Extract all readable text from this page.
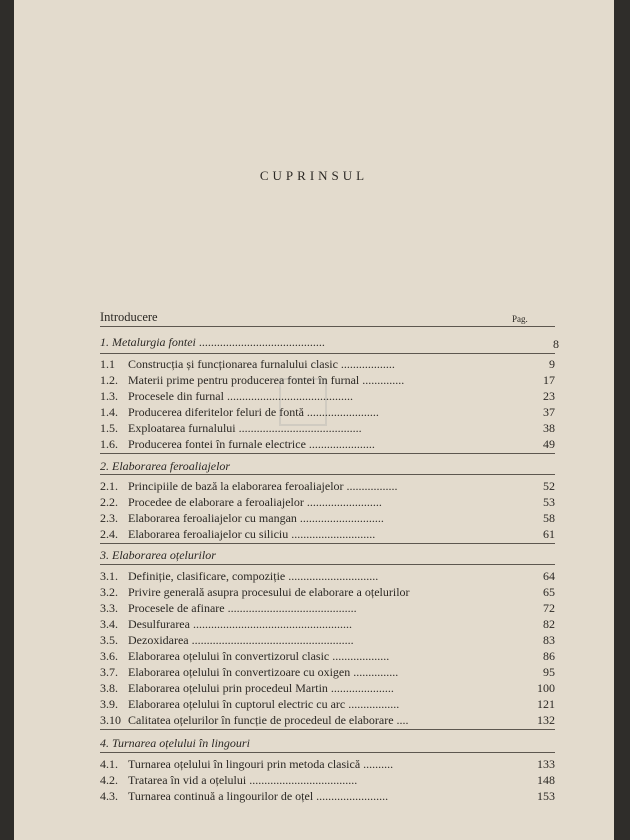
CUPRINSUL
Introducere	Pag.
1. Metalurgia fontei ..........................................	8
1.1 Construcția și funcționarea furnalului clasic ..................	9
1.2. Materii prime pentru producerea fontei în furnal ..............	17
1.3. Procesele din furnal ..........................................	23
1.4. Producerea diferitelor feluri de fontă ........................	37
1.5. Exploatarea furnalului .........................................	38
1.6. Producerea fontei în furnale electrice ......................	49
2. Elaborarea feroaliajelor
2.1. Principiile de bază la elaborarea feroaliajelor .................	52
2.2. Procedee de elaborare a feroaliajelor .........................	53
2.3. Elaborarea feroaliajelor cu mangan ............................	58
2.4. Elaborarea feroaliajelor cu siliciu ............................	61
3. Elaborarea oțelurilor
3.1. Definiție, clasificare, compoziție ..............................	64
3.2. Privire generală asupra procesului de elaborare a oțelurilor	65
3.3. Procesele de afinare ...........................................	72
3.4. Desulfurarea .....................................................	82
3.5. Dezoxidarea ......................................................	83
3.6. Elaborarea oțelului în convertizorul clasic ...................	86
3.7. Elaborarea oțelului în convertizoare cu oxigen ...............	95
3.8. Elaborarea oțelului prin procedeul Martin .....................	100
3.9. Elaborarea oțelului în cuptorul electric cu arc .................	121
3.10 Calitatea oțelurilor în funcție de procedeul de elaborare ....	132
4. Turnarea oțelului în lingouri
4.1. Turnarea oțelului în lingouri prin metoda clasică ..........	133
4.2. Tratarea în vid a oțelului ....................................	148
4.3. Turnarea continuă a lingourilor de oțel ........................	153
